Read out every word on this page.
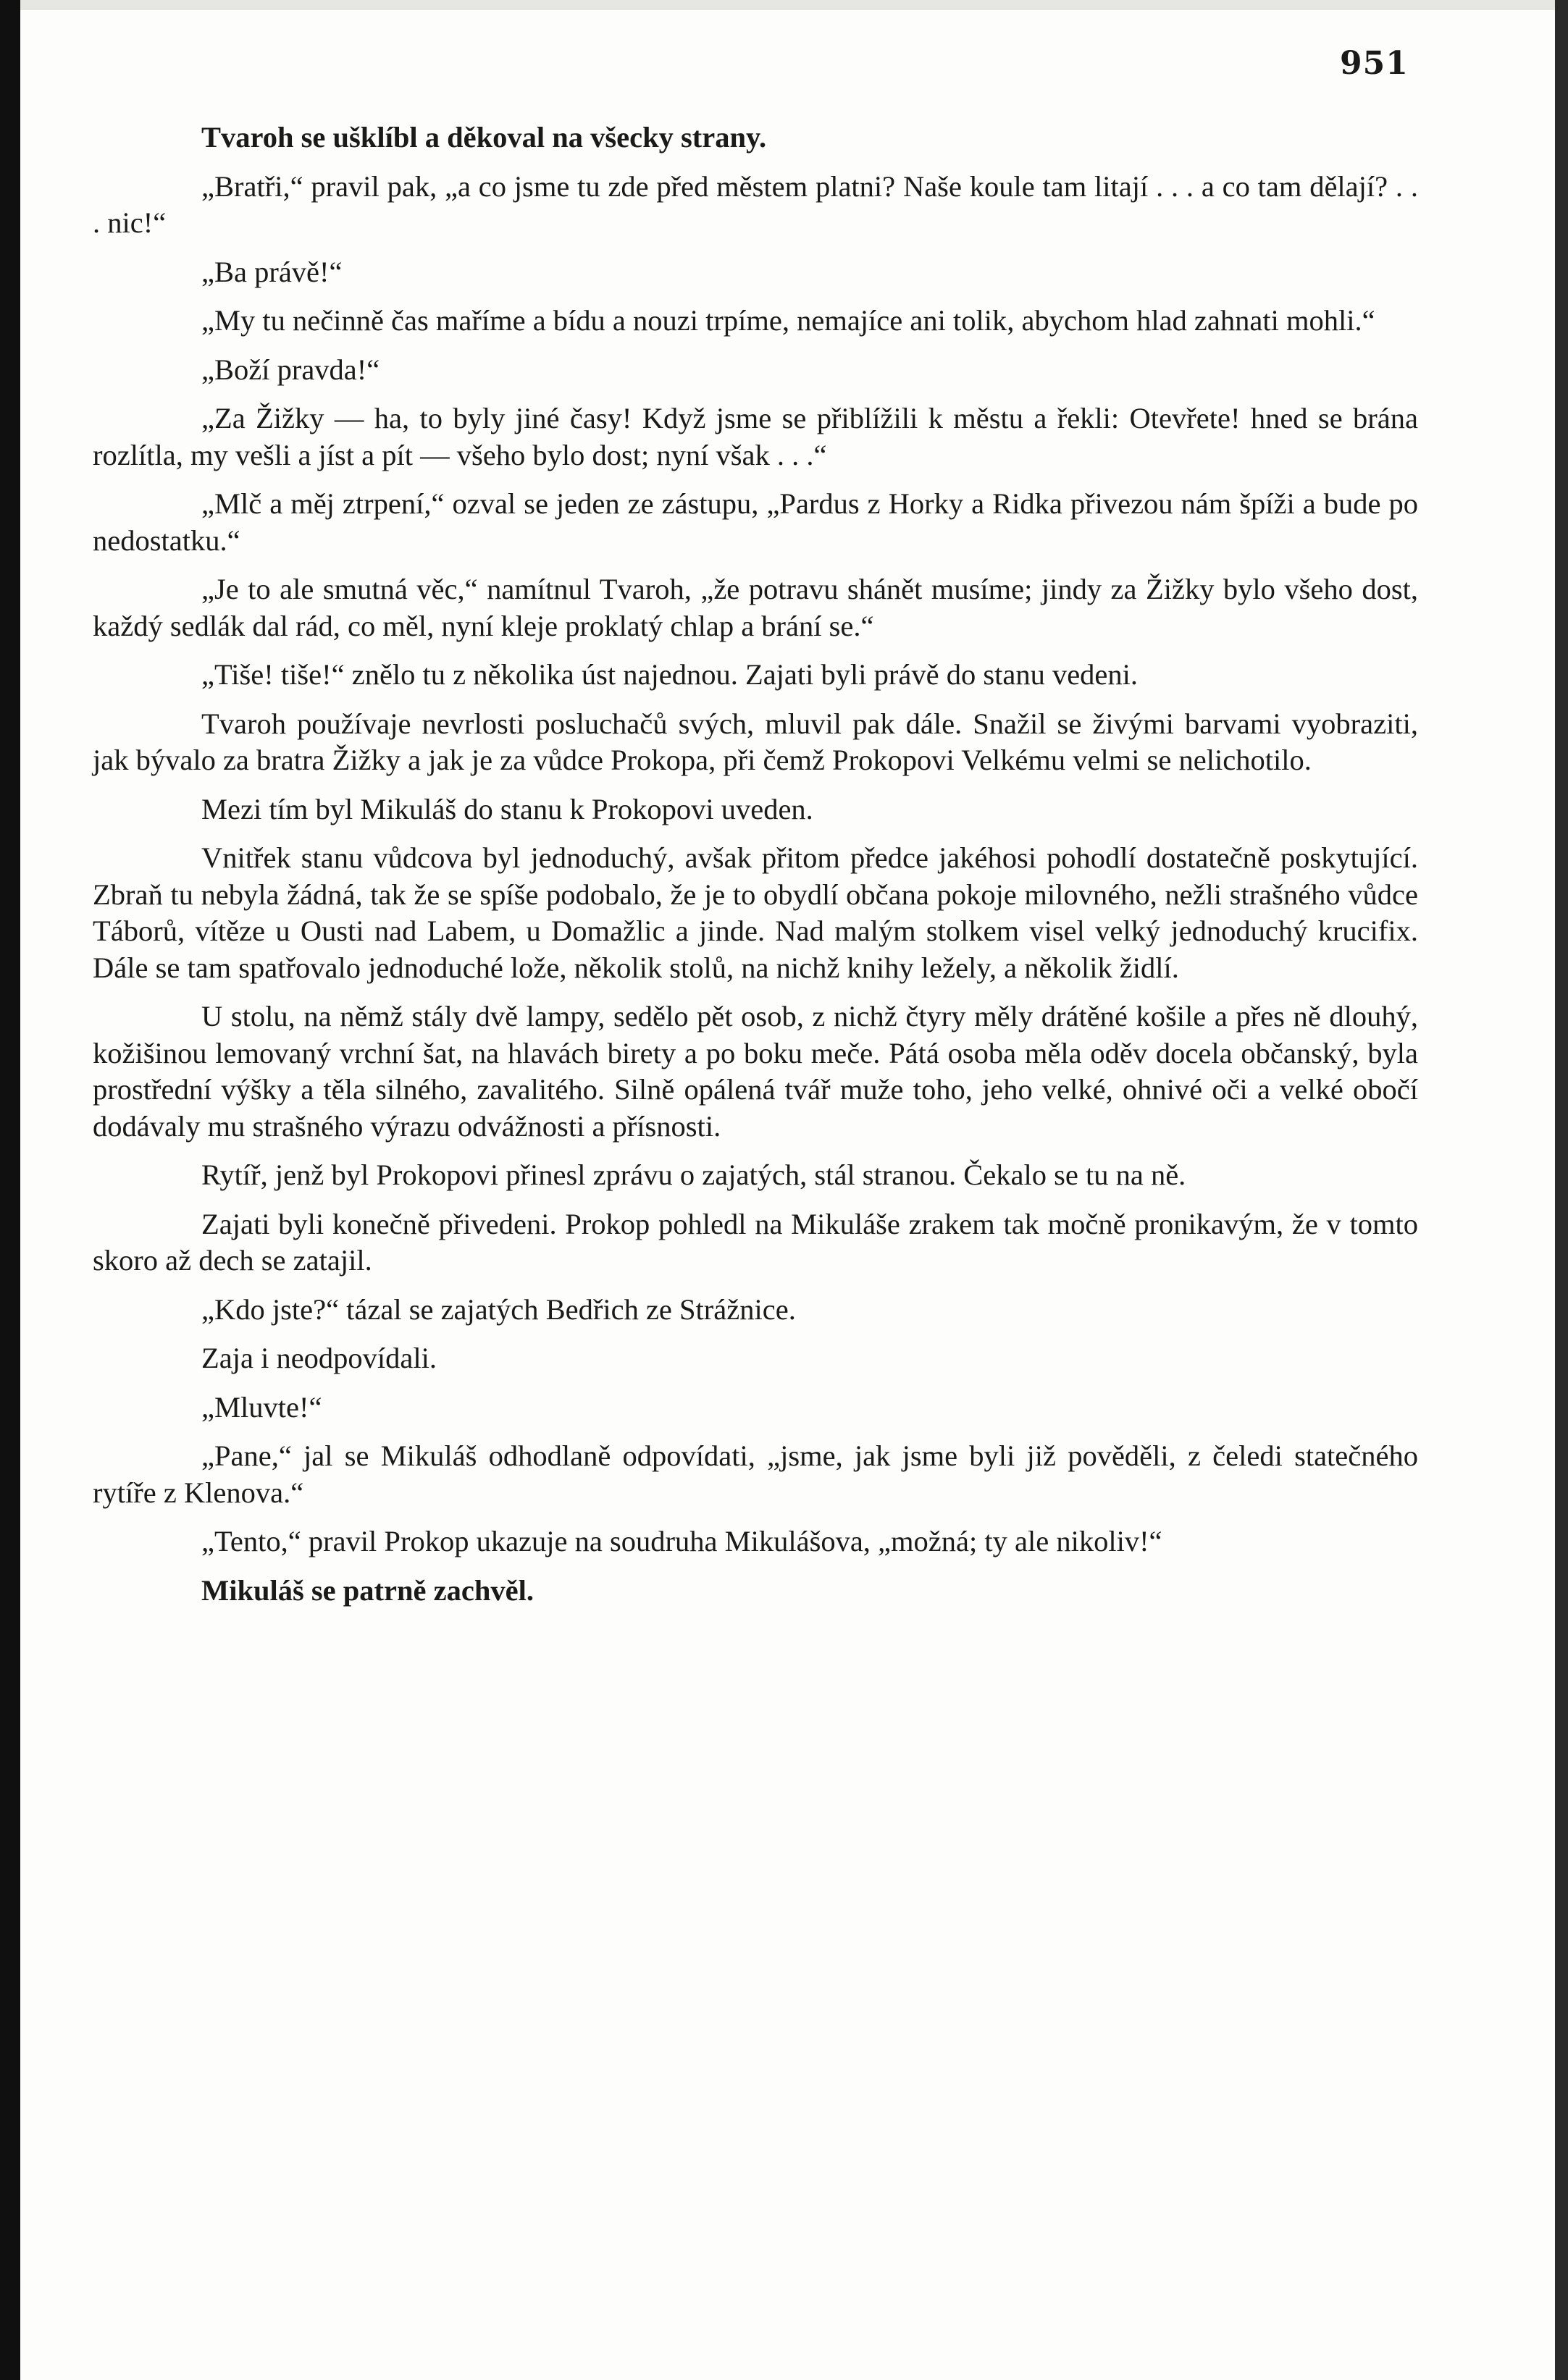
951

Tvaroh se ušklíbl a děkoval na všecky strany.

„Bratři,“ pravil pak, „a co jsme tu zde před městem platni? Naše koule tam litají . . . a co tam dělají? . . . nic!“

„Ba právě!“

„My tu nečinně čas maříme a bídu a nouzi trpíme, nemajíce ani tolik, abychom hlad zahnati mohli.“

„Boží pravda!“

„Za Žižky — ha, to byly jiné časy! Když jsme se přiblížili k městu a řekli: Otevřete! hned se brána rozlítla, my vešli a jíst a pít — všeho bylo dost; nyní však . . .“

„Mlč a měj ztrpení,“ ozval se jeden ze zástupu, „Pardus z Horky a Ridka přivezou nám špíži a bude po nedostatku.“

„Je to ale smutná věc,“ namítnul Tvaroh, „že potravu shánět musíme; jindy za Žižky bylo všeho dost, každý sedlák dal rád, co měl, nyní kleje proklatý chlap a brání se.“

„Tiše! tiše!“ znělo tu z několika úst najednou. Zajati byli právě do stanu vedeni.

Tvaroh používaje nevrlosti posluchačů svých, mluvil pak dále. Snažil se živými barvami vyobraziti, jak bývalo za bratra Žižky a jak je za vůdce Prokopa, při čemž Prokopovi Velkému velmi se nelichotilo.

Mezi tím byl Mikuláš do stanu k Prokopovi uveden.

Vnitřek stanu vůdcova byl jednoduchý, avšak přitom předce jakéhosi pohodlí dostatečně poskytující. Zbraň tu nebyla žádná, tak že se spíše podobalo, že je to obydlí občana pokoje milovného, nežli strašného vůdce Táborů, vítěze u Ousti nad Labem, u Domažlic a jinde. Nad malým stolkem visel velký jednoduchý krucifix. Dále se tam spatřovalo jednoduché lože, několik stolů, na nichž knihy ležely, a několik židlí.

U stolu, na němž stály dvě lampy, sedělo pět osob, z nichž čtyry měly drátěné košile a přes ně dlouhý, kožišinou lemovaný vrchní šat, na hlavách birety a po boku meče. Pátá osoba měla oděv docela občanský, byla prostřední výšky a těla silného, zavalitého. Silně opálená tvář muže toho, jeho velké, ohnivé oči a velké obočí dodávaly mu strašného výrazu odvážnosti a přísnosti.

Rytíř, jenž byl Prokopovi přinesl zprávu o zajatých, stál stranou. Čekalo se tu na ně.

Zajati byli konečně přivedeni. Prokop pohledl na Mikuláše zrakem tak močně pronikavým, že v tomto skoro až dech se zatajil.

„Kdo jste?“ tázal se zajatých Bedřich ze Strážnice.

Zaja i neodpovídali.

„Mluvte!“

„Pane,“ jal se Mikuláš odhodlaně odpovídati, „jsme, jak jsme byli již pověděli, z čeledi statečného rytíře z Klenova.“

„Tento,“ pravil Prokop ukazuje na soudruha Mikulášova, „možná; ty ale nikoliv!“

Mikuláš se patrně zachvěl.
